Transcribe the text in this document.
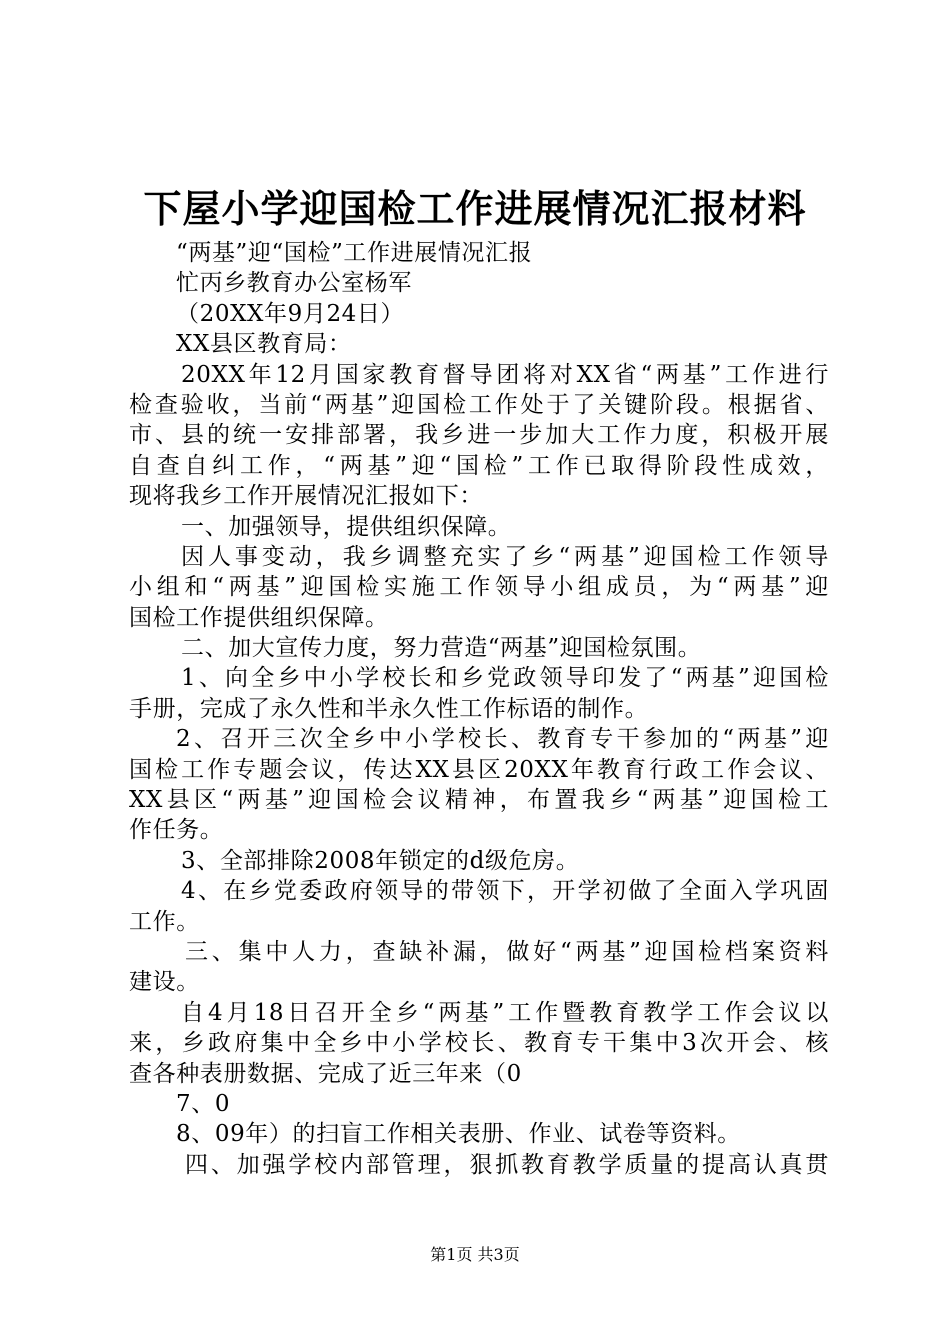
下屋小学迎国检工作进展情况汇报材料
“两基”迎“国检”工作进展情况汇报
忙丙乡教育办公室杨军
（20XX年9月24日）
XX县区教育局：
20XX年12月国家教育督导团将对XX省“两基”工作进行
检查验收，当前“两基”迎国检工作处于了关键阶段。根据省、
市、县的统一安排部署，我乡进一步加大工作力度，积极开展
自查自纠工作，“两基”迎“国检”工作已取得阶段性成效，
现将我乡工作开展情况汇报如下：
一、加强领导，提供组织保障。
因人事变动，我乡调整充实了乡“两基”迎国检工作领导
小组和“两基”迎国检实施工作领导小组成员，为“两基”迎
国检工作提供组织保障。
二、加大宣传力度，努力营造“两基”迎国检氛围。
1、向全乡中小学校长和乡党政领导印发了“两基”迎国检
手册，完成了永久性和半永久性工作标语的制作。
2、召开三次全乡中小学校长、教育专干参加的“两基”迎
国检工作专题会议，传达XX县区20XX年教育行政工作会议、
XX县区“两基”迎国检会议精神，布置我乡“两基”迎国检工
作任务。
3、全部排除2008年锁定的d级危房。
4、在乡党委政府领导的带领下，开学初做了全面入学巩固
工作。
三、集中人力，查缺补漏，做好“两基”迎国检档案资料
建设。
自4月18日召开全乡“两基”工作暨教育教学工作会议以
来，乡政府集中全乡中小学校长、教育专干集中3次开会、核
查各种表册数据、完成了近三年来（0
7、0
8、09年）的扫盲工作相关表册、作业、试卷等资料。
四、加强学校内部管理，狠抓教育教学质量的提高认真贯
第1页 共3页
